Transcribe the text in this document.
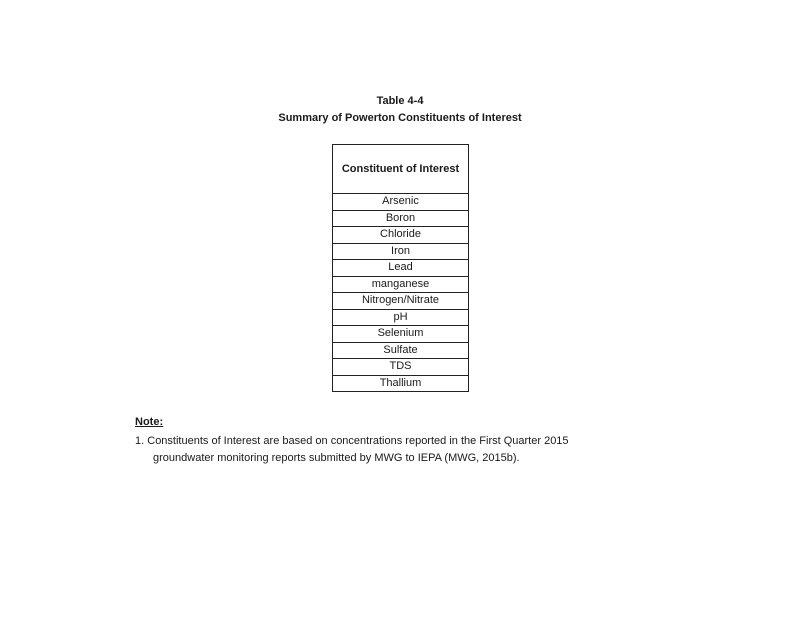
Table 4-4
Summary of Powerton Constituents of Interest
Constituent of Interest
Arsenic
Boron
Chloride
Iron
Lead
manganese
Nitrogen/Nitrate
pH
Selenium
Sulfate
TDS
Thallium
Note:
1. Constituents of Interest are based on concentrations reported in the First Quarter 2015
groundwater monitoring reports submitted by MWG to IEPA (MWG, 2015b).
